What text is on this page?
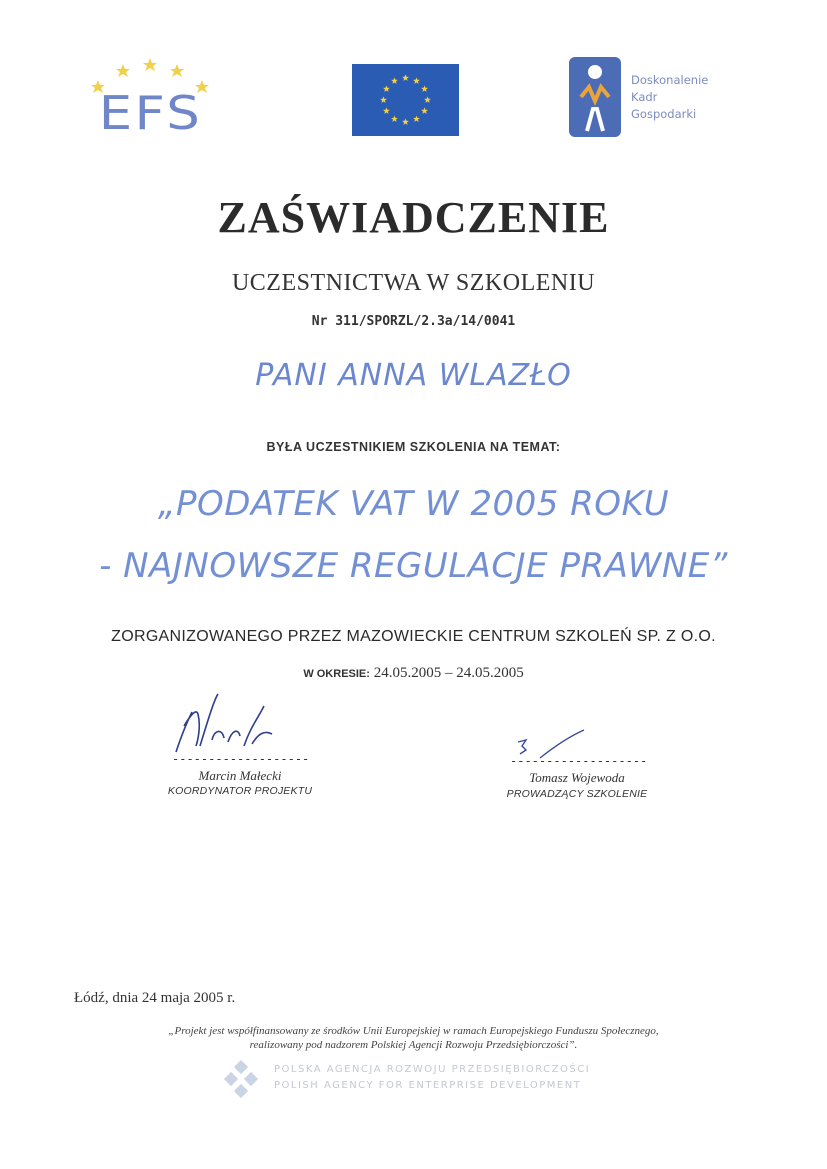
EFS
Doskonalenie
Kadr
Gospodarki
ZAŚWIADCZENIE
UCZESTNICTWA W SZKOLENIU
Nr 311/SPORZL/2.3a/14/0041
PANI ANNA WLAZŁO
BYŁA UCZESTNIKIEM SZKOLENIA NA TEMAT:
„PODATEK VAT W 2005 ROKU
- NAJNOWSZE REGULACJE PRAWNE”
ZORGANIZOWANEGO PRZEZ MAZOWIECKIE CENTRUM SZKOLEŃ SP. Z O.O.
W OKRESIE: 24.05.2005 – 24.05.2005
-------------------
Marcin Małecki
KOORDYNATOR PROJEKTU
-------------------
Tomasz Wojewoda
PROWADZĄCY SZKOLENIE
Łódź, dnia 24 maja 2005 r.
„Projekt jest współfinansowany ze środków Unii Europejskiej w ramach Europejskiego Funduszu Społecznego,
realizowany pod nadzorem Polskiej Agencji Rozwoju Przedsiębiorczości”.
POLSKA AGENCJA ROZWOJU PRZEDSIĘBIORCZOŚCI
POLISH AGENCY FOR ENTERPRISE DEVELOPMENT
